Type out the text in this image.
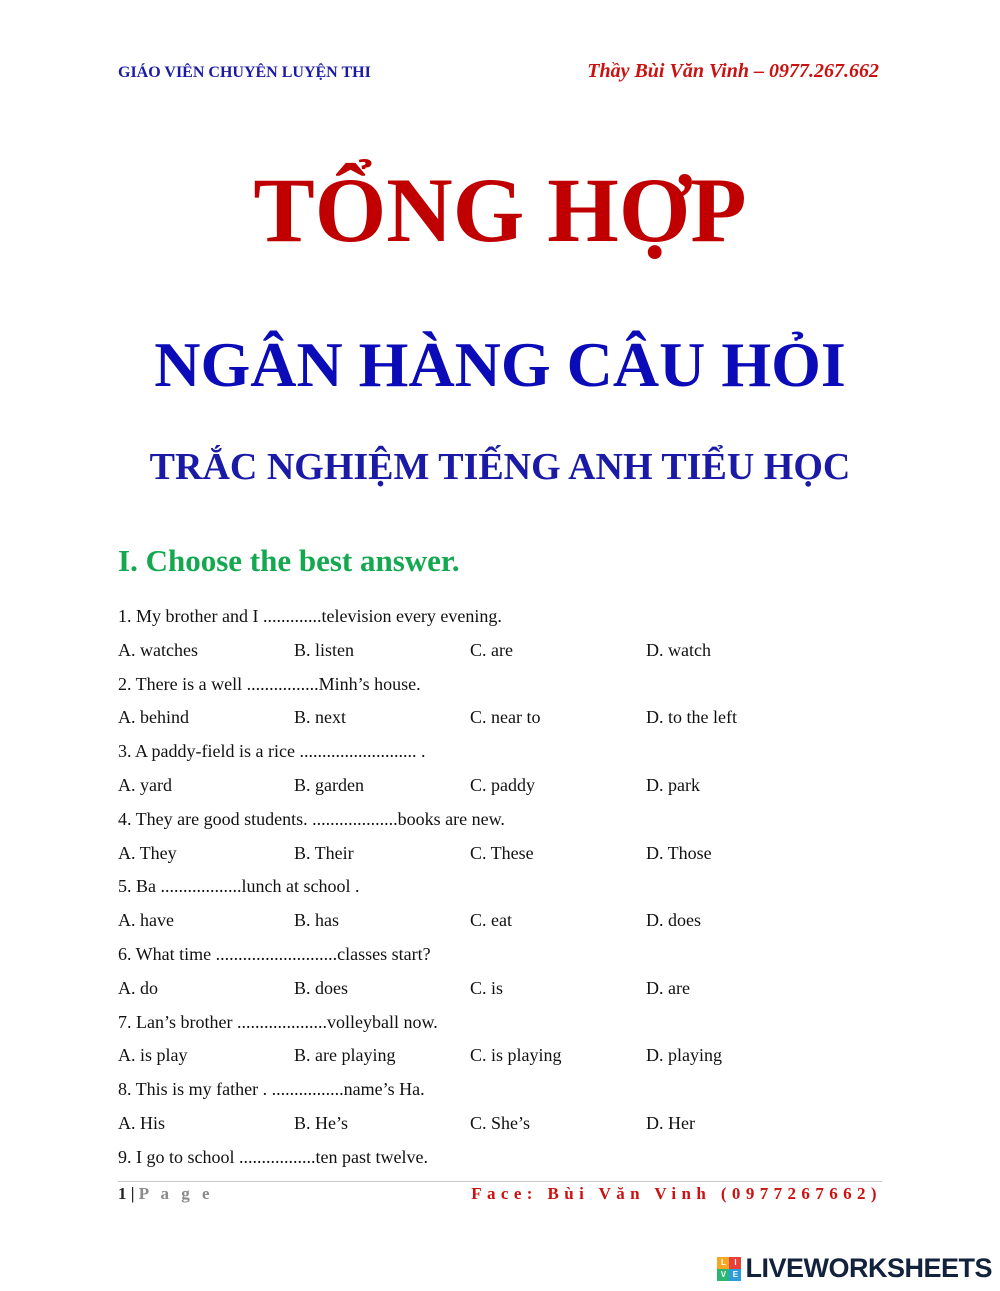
GIÁO VIÊN CHUYÊN LUYỆN THI	Thầy Bùi Văn Vinh – 0977.267.662
TỔNG HỢP
NGÂN HÀNG CÂU HỎI
TRẮC NGHIỆM TIẾNG ANH TIỂU HỌC
I. Choose the best answer.
1. My brother and I .............television every evening.
A. watches	B. listen	C. are	D. watch
2. There is a well ................Minh’s house.
A. behind	B. next	C. near to	D. to the left
3. A paddy-field is a rice .......................... .
A. yard	B. garden	C. paddy	D. park
4. They are good students. ...................books are new.
A. They	B. Their	C. These	D. Those
5. Ba ..................lunch at school .
A. have	B. has	C. eat	D. does
6. What time ...........................classes start?
A. do	B. does	C. is	D. are
7. Lan’s brother ....................volleyball now.
A. is play	B. are playing	C. is playing	D. playing
8. This is my father . ................name’s Ha.
A. His	B. He’s	C. She’s	D. Her
9. I go to school .................ten past twelve.
1 | P a g e	Face: Bùi Văn Vinh (0977267662)
L	I
V E LIVEWORKSHEETS
